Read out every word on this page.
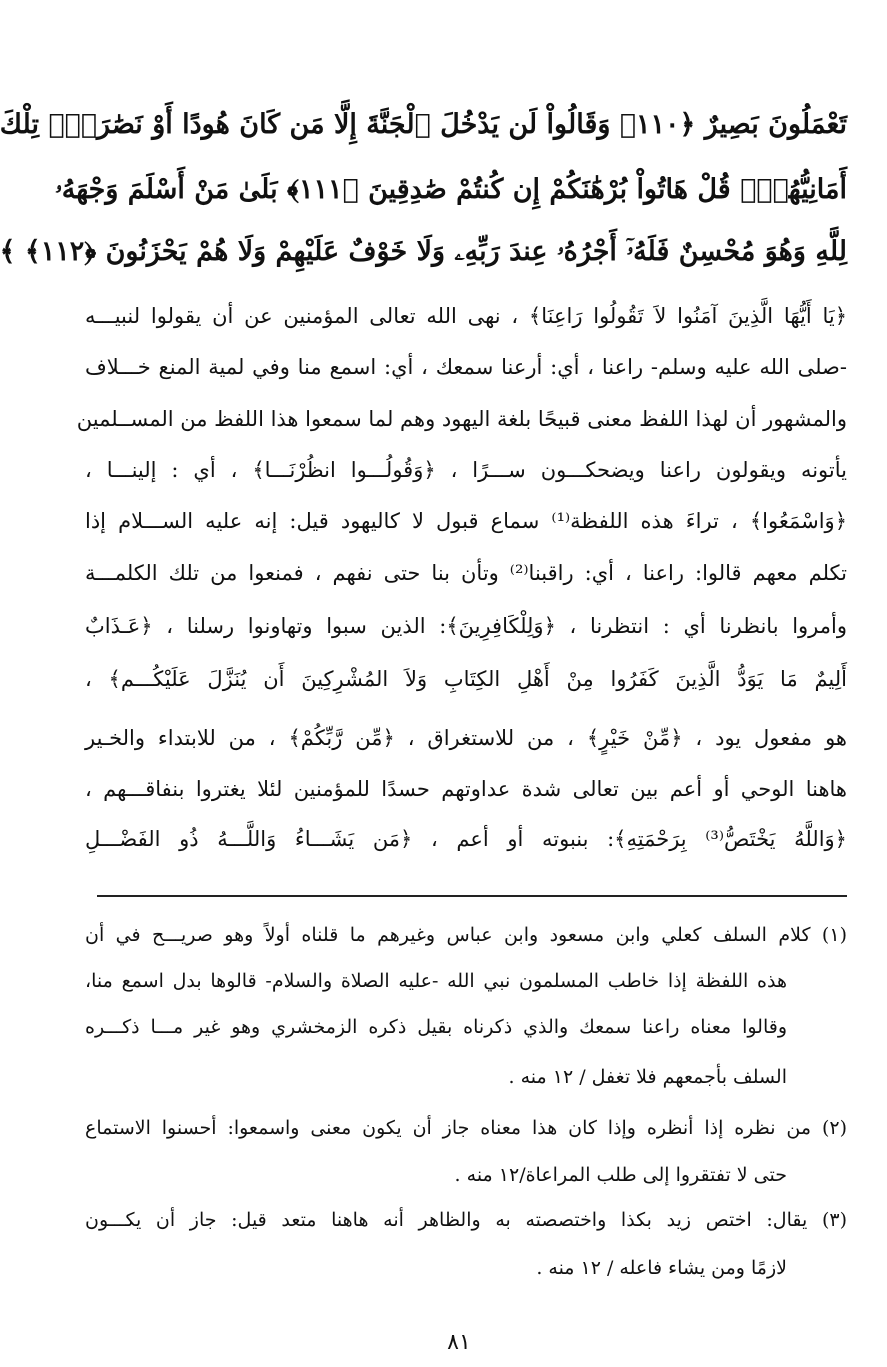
تَعْمَلُونَ بَصِيرٌ ﴿١١٠﴾ وَقَالُواْ لَن يَدْخُلَ ٱلْجَنَّةَ إِلَّا مَن كَانَ هُودًا أَوْ نَصَٰرَىٰۗ تِلْكَ
أَمَانِيُّهُمْۗ قُلْ هَاتُواْ بُرْهَٰنَكُمْ إِن كُنتُمْ صَٰدِقِينَ ﴿١١١﴾ بَلَىٰ مَنْ أَسْلَمَ وَجْهَهُۥ
لِلَّهِ وَهُوَ مُحْسِنٌ فَلَهُۥٓ أَجْرُهُۥ عِندَ رَبِّهِۦ وَلَا خَوْفٌ عَلَيْهِمْ وَلَا هُمْ يَحْزَنُونَ ﴿١١٢﴾ ﴾
﴿يَا أَيُّهَا الَّذِينَ آمَنُوا لاَ تَقُولُوا رَاعِنَا﴾ ، نهى الله تعالى المؤمنين عن أن يقولوا لنبيـــه
-صلى الله عليه وسلم- راعنا ، أي: أرعنا سمعك ، أي: اسمع منا وفي لمية المنع خـــلاف
والمشهور أن لهذا اللفظ معنى قبيحًا بلغة اليهود وهم لما سمعوا هذا اللفظ من المســلمين
يأتونه ويقولون راعنا ويضحكـــون ســـرًا ، ﴿وَقُولُـــوا انظُرْنَـــا﴾ ، أي : إلينـــا ،
﴿وَاسْمَعُوا﴾ ، تراءَ هذه اللفظة⁽¹⁾ سماع قبول لا كاليهود قيل: إنه عليه الســـلام إذا
تكلم معهم قالوا: راعنا ، أي: راقبنا⁽²⁾ وتأن بنا حتى نفهم ، فمنعوا من تلك الكلمـــة
وأمروا بانظرنا أي : انتظرنا ، ﴿وَلِلْكَافِرِينَ﴾: الذين سبوا وتهاونوا رسلنا ، ﴿عَـذَابٌ
أَلِيمٌ مَا يَوَدُّ الَّذِينَ كَفَرُوا مِنْ أَهْلِ الكِتَابِ وَلاَ المُشْرِكِينَ أَن يُنَزَّلَ عَلَيْكُـــم﴾ ،
هو مفعول يود ، ﴿مِّنْ خَيْرٍ﴾ ، من للاستغراق ، ﴿مِّن رَّبِّكُمْ﴾ ، من للابتداء والخـير
هاهنا الوحي أو أعم بين تعالى شدة عداوتهم حسدًا للمؤمنين لئلا يغتروا بنفاقـــهم ،
﴿وَاللَّهُ يَخْتَصُّ⁽³⁾ بِرَحْمَتِهِ﴾: بنبوته أو أعم ، ﴿مَن يَشَـــاءُ وَاللَّـــهُ ذُو الفَضْـــلِ
(١) كلام السلف كعلي وابن مسعود وابن عباس وغيرهم ما قلناه أولاً وهو صريـــح في أن
هذه اللفظة إذا خاطب المسلمون نبي الله -عليه الصلاة والسلام- قالوها بدل اسمع منا،
وقالوا معناه راعنا سمعك والذي ذكرناه بقيل ذكره الزمخشري وهو غير مـــا ذكـــره
السلف بأجمعهم فلا تغفل / ١٢ منه .
(٢) من نظره إذا أنظره وإذا كان هذا معناه جاز أن يكون معنى واسمعوا: أحسنوا الاستماع
حتى لا تفتقروا إلى طلب المراعاة/١٢ منه .
(٣) يقال: اختص زيد بكذا واختصصته به والظاهر أنه هاهنا متعد قيل: جاز أن يكـــون
لازمًا ومن يشاء فاعله / ١٢ منه .
٨١
